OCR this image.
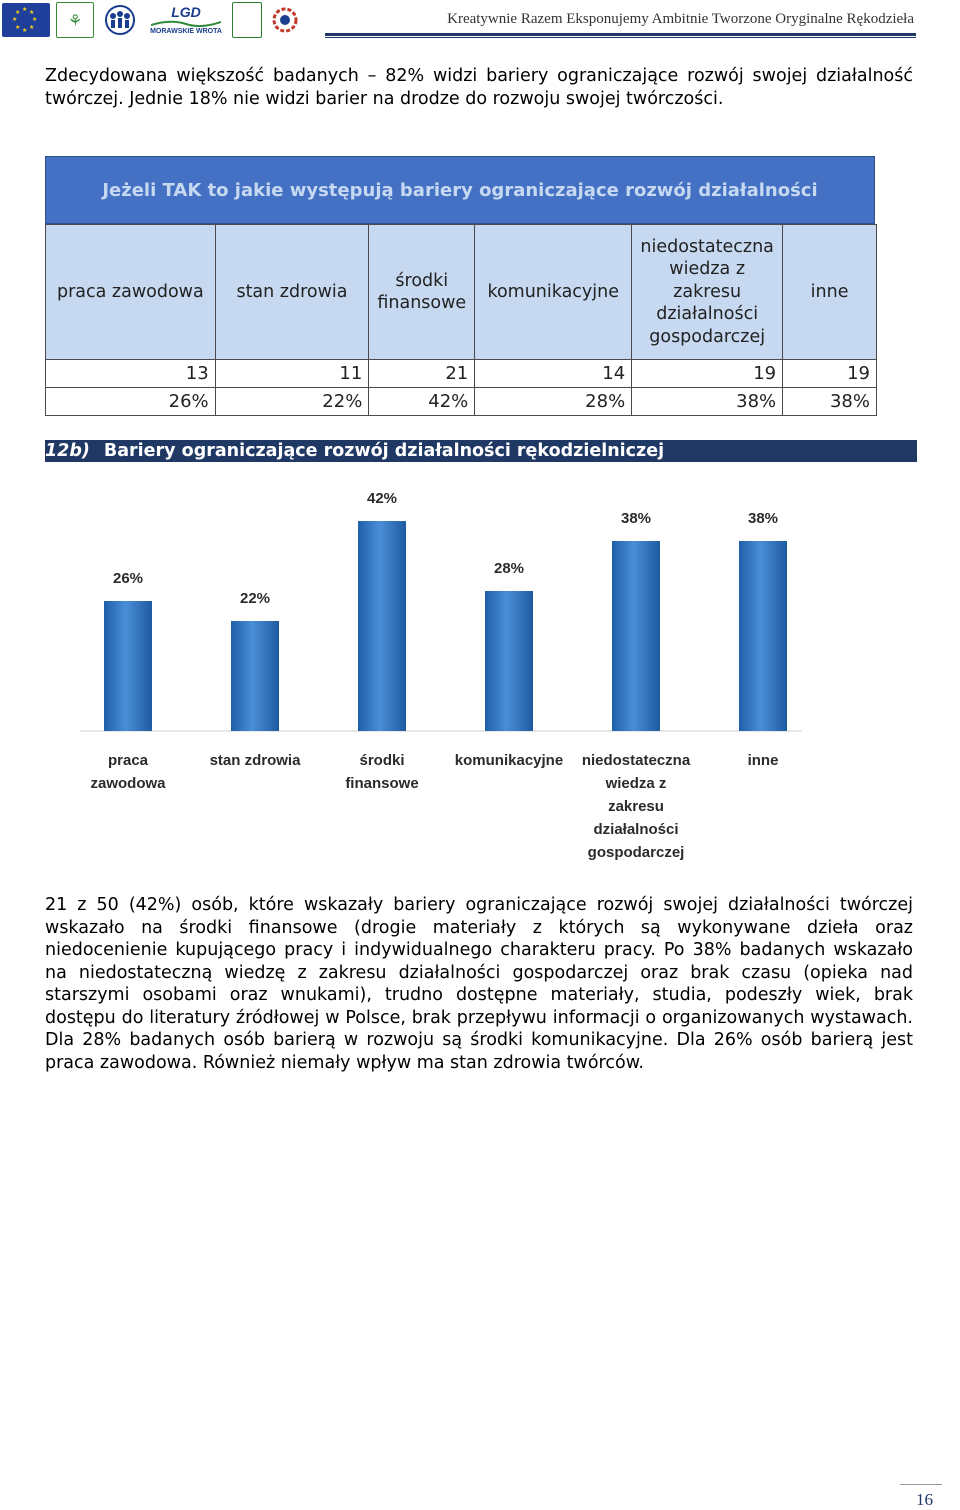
★ ★
★
★
★
★
★
★	⚘	LGD
MORAWSKIE WROTA
Kreatywnie Razem Eksponujemy Ambitnie Tworzone Oryginalne Rękodzieła
Zdecydowana większość badanych – 82% widzi bariery ograniczające rozwój swojej działalność twórczej. Jednie 18% nie widzi barier na drodze do rozwoju swojej twórczości.
Jeżeli TAK to jakie występują bariery ograniczające rozwój działalności
praca zawodowa	stan zdrowia	środki finansowe	komunikacyjne	niedostateczna wiedza z zakresu działalności gospodarczej	inne
13	11	21	14	19	19
26%	22%	42%	28%	38%	38%
12b) Bariery ograniczające rozwój działalności rękodzielniczej
26%
praca
zawodowa
22%
stan zdrowia
42%
środki
finansowe
28%
komunikacyjne
38%
niedostateczna
wiedza z
zakresu
działalności
gospodarczej
38%
inne
21 z 50 (42%) osób, które wskazały bariery ograniczające rozwój swojej działalności twórczej wskazało na środki finansowe (drogie materiały z których są wykonywane dzieła oraz niedocenienie kupującego pracy i indywidualnego charakteru pracy. Po 38% badanych wskazało na niedostateczną wiedzę z zakresu działalności gospodarczej oraz brak czasu (opieka nad starszymi osobami oraz wnukami), trudno dostępne materiały, studia, podeszły wiek, brak dostępu do literatury źródłowej w Polsce, brak przepływu informacji o organizowanych wystawach. Dla 28% badanych osób barierą w rozwoju są środki komunikacyjne. Dla 26% osób barierą jest praca zawodowa. Również niemały wpływ ma stan zdrowia twórców.
16
